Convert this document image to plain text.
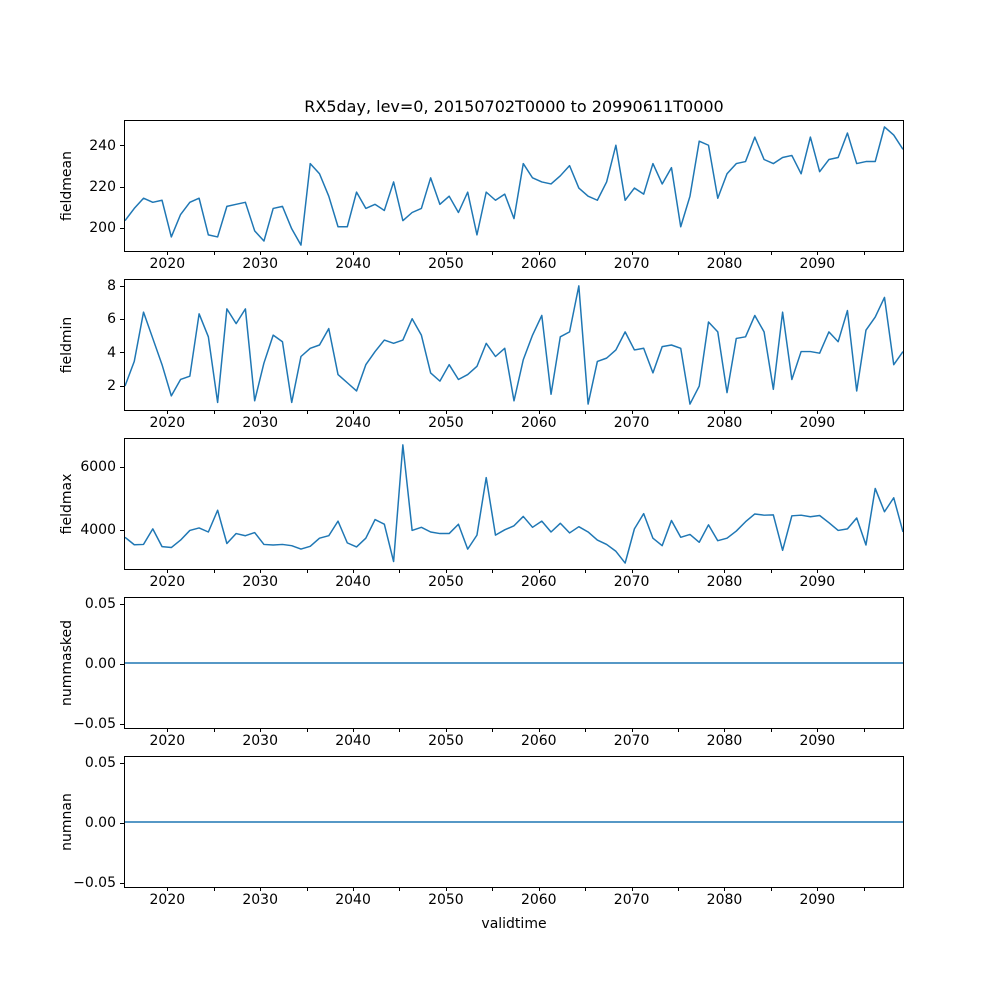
RX5day, lev=0, 20150702T0000 to 20990611T0000
fieldmean
200
220
240
2020	2030	2040	2050	2060	2070	2080	2090
fieldmin
2
4
6
8
2020	2030	2040	2050	2060	2070	2080	2090
fieldmax 4000
6000
2020	2030	2040	2050	2060	2070	2080	2090
nummasked
−0.05
0.00
0.05
2020	2030	2040	2050	2060	2070	2080	2090
numnan
−0.05
0.00
0.05
2020	2030	2040	2050	2060	2070	2080	2090
validtime
